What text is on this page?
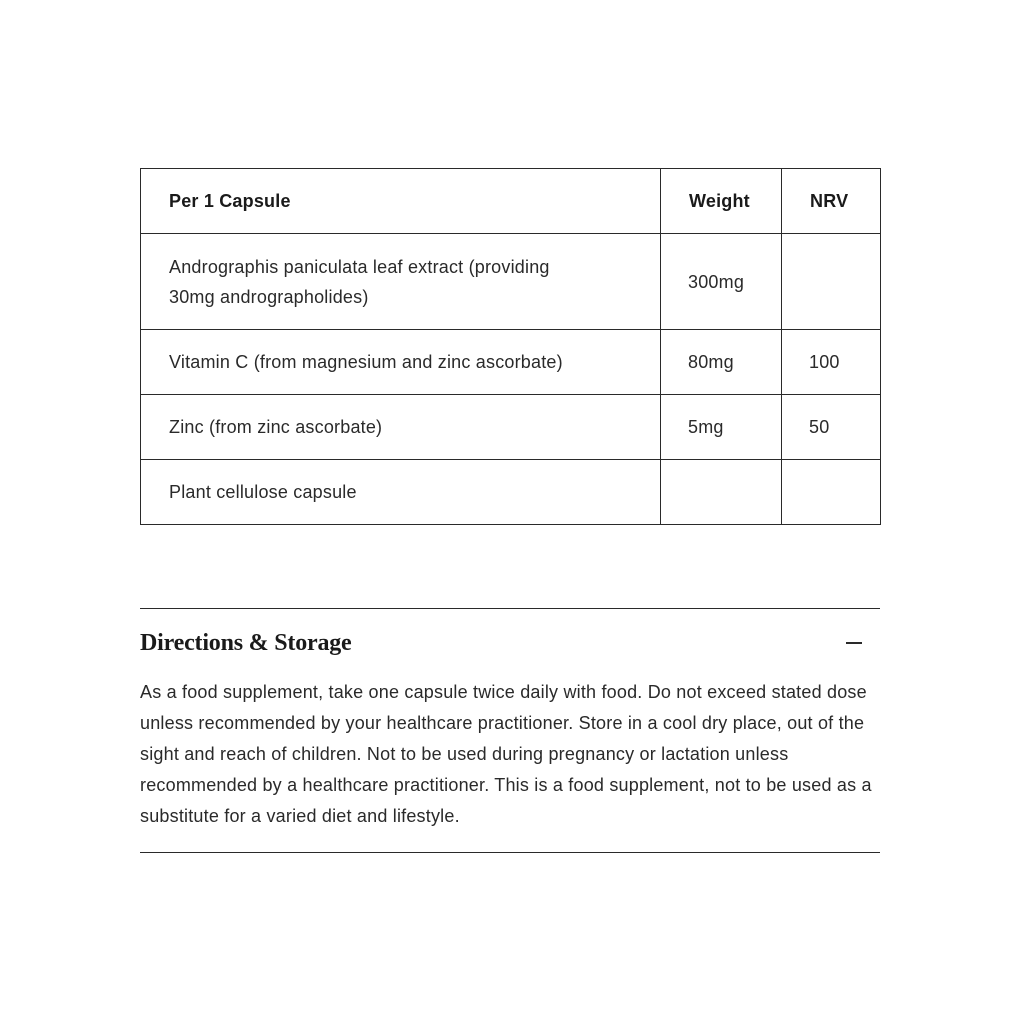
Per 1 Capsule	Weight	NRV
Andrographis paniculata leaf extract (providing
30mg andrographolides)	300mg	
Vitamin C (from magnesium and zinc ascorbate)	80mg	100
Zinc (from zinc ascorbate)	5mg	50
Plant cellulose capsule		
Directions & Storage

As a food supplement, take one capsule twice daily with food. Do not exceed stated dose unless recommended by your healthcare practitioner. Store in a cool dry place, out of the sight and reach of children. Not to be used during pregnancy or lactation unless recommended by a healthcare practitioner. This is a food supplement, not to be used as a substitute for a varied diet and lifestyle.
